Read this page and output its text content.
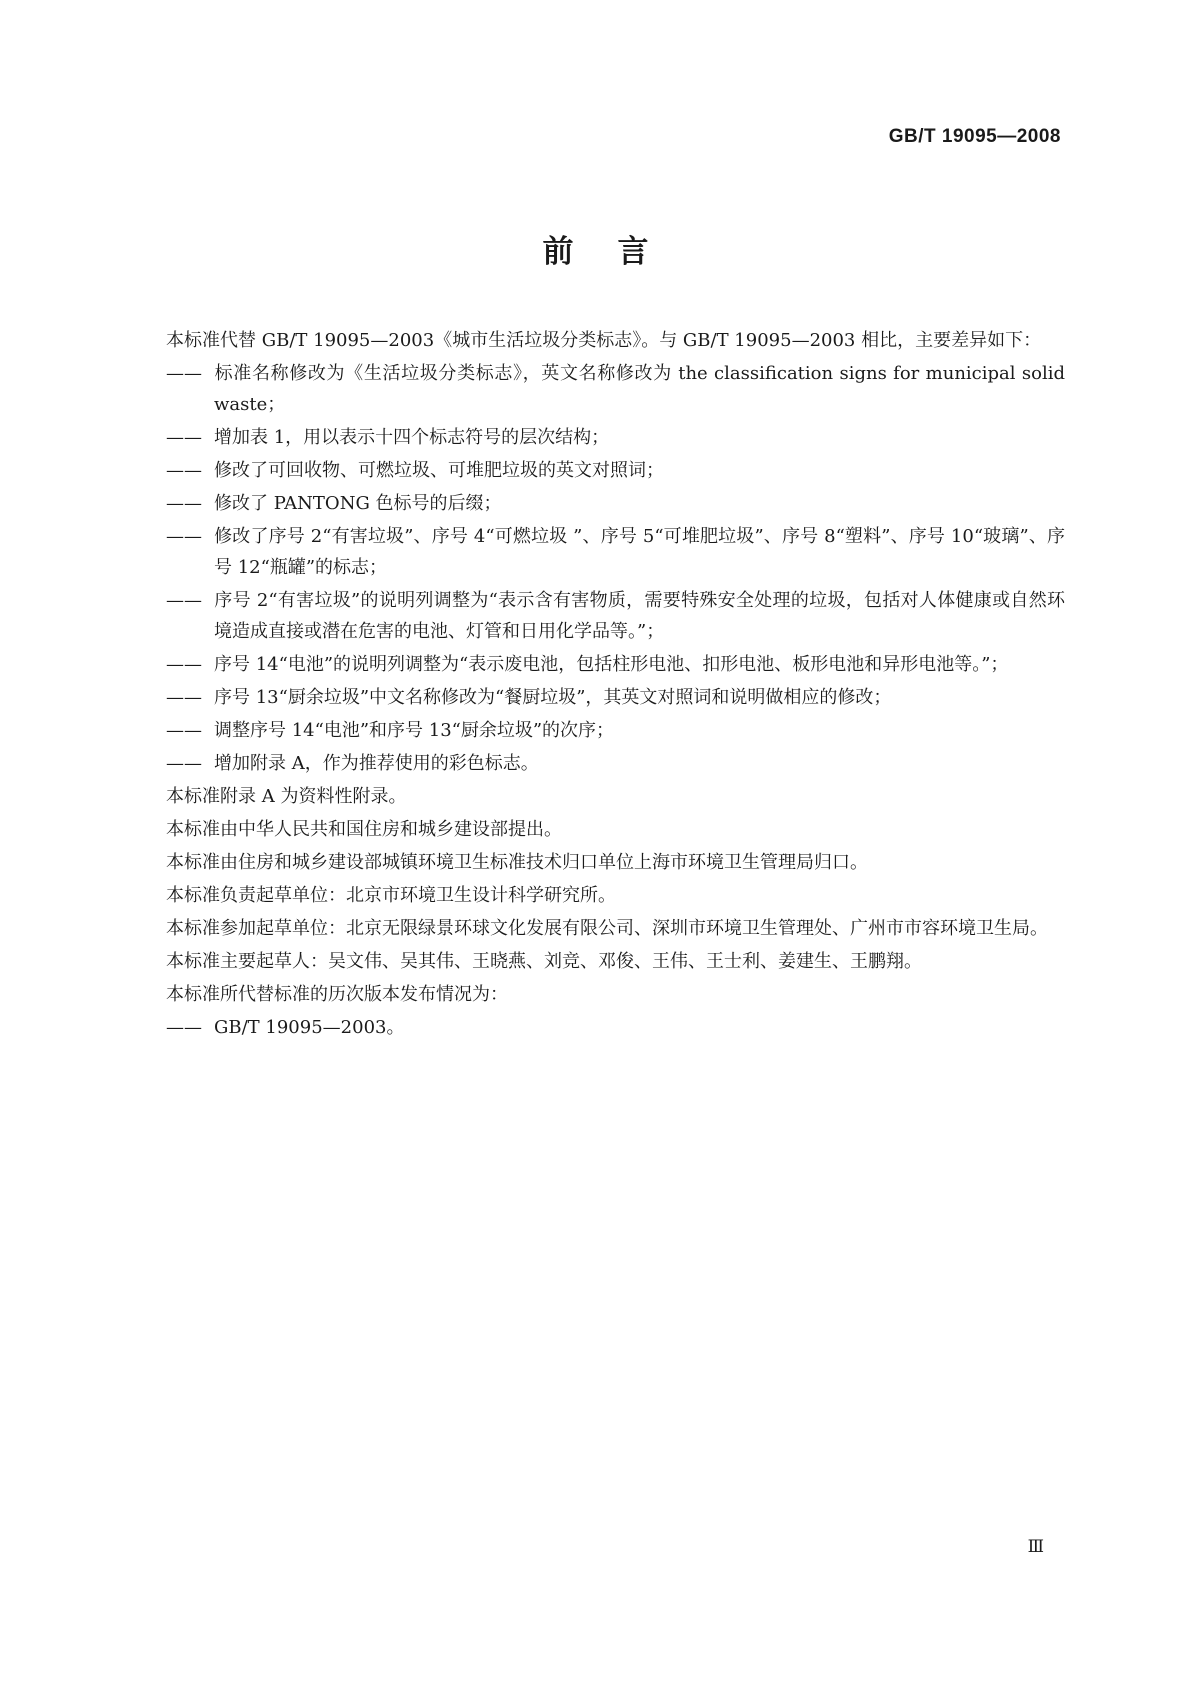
GB/T 19095—2008
前言

本标准代替 GB/T 19095—2003《城市生活垃圾分类标志》。与 GB/T 19095—2003 相比，主要差异如下：

—— 标准名称修改为《生活垃圾分类标志》，英文名称修改为 the classification signs for municipal solid waste；
—— 增加表 1，用以表示十四个标志符号的层次结构；
—— 修改了可回收物、可燃垃圾、可堆肥垃圾的英文对照词；
—— 修改了 PANTONG 色标号的后缀；
—— 修改了序号 2“有害垃圾”、序号 4“可燃垃圾 ”、序号 5“可堆肥垃圾”、序号 8“塑料”、序号 10“玻璃”、序号 12“瓶罐”的标志；
—— 序号 2“有害垃圾”的说明列调整为“表示含有害物质，需要特殊安全处理的垃圾，包括对人体健康或自然环境造成直接或潜在危害的电池、灯管和日用化学品等。”；
—— 序号 14“电池”的说明列调整为“表示废电池，包括柱形电池、扣形电池、板形电池和异形电池等。”；
—— 序号 13“厨余垃圾”中文名称修改为“餐厨垃圾”，其英文对照词和说明做相应的修改；
—— 调整序号 14“电池”和序号 13“厨余垃圾”的次序；
—— 增加附录 A，作为推荐使用的彩色标志。

本标准附录 A 为资料性附录。

本标准由中华人民共和国住房和城乡建设部提出。

本标准由住房和城乡建设部城镇环境卫生标准技术归口单位上海市环境卫生管理局归口。

本标准负责起草单位：北京市环境卫生设计科学研究所。

本标准参加起草单位：北京无限绿景环球文化发展有限公司、深圳市环境卫生管理处、广州市市容环境卫生局。

本标准主要起草人：吴文伟、吴其伟、王晓燕、刘竞、邓俊、王伟、王士利、姜建生、王鹏翔。

本标准所代替标准的历次版本发布情况为：

—— GB/T 19095—2003。
Ⅲ
